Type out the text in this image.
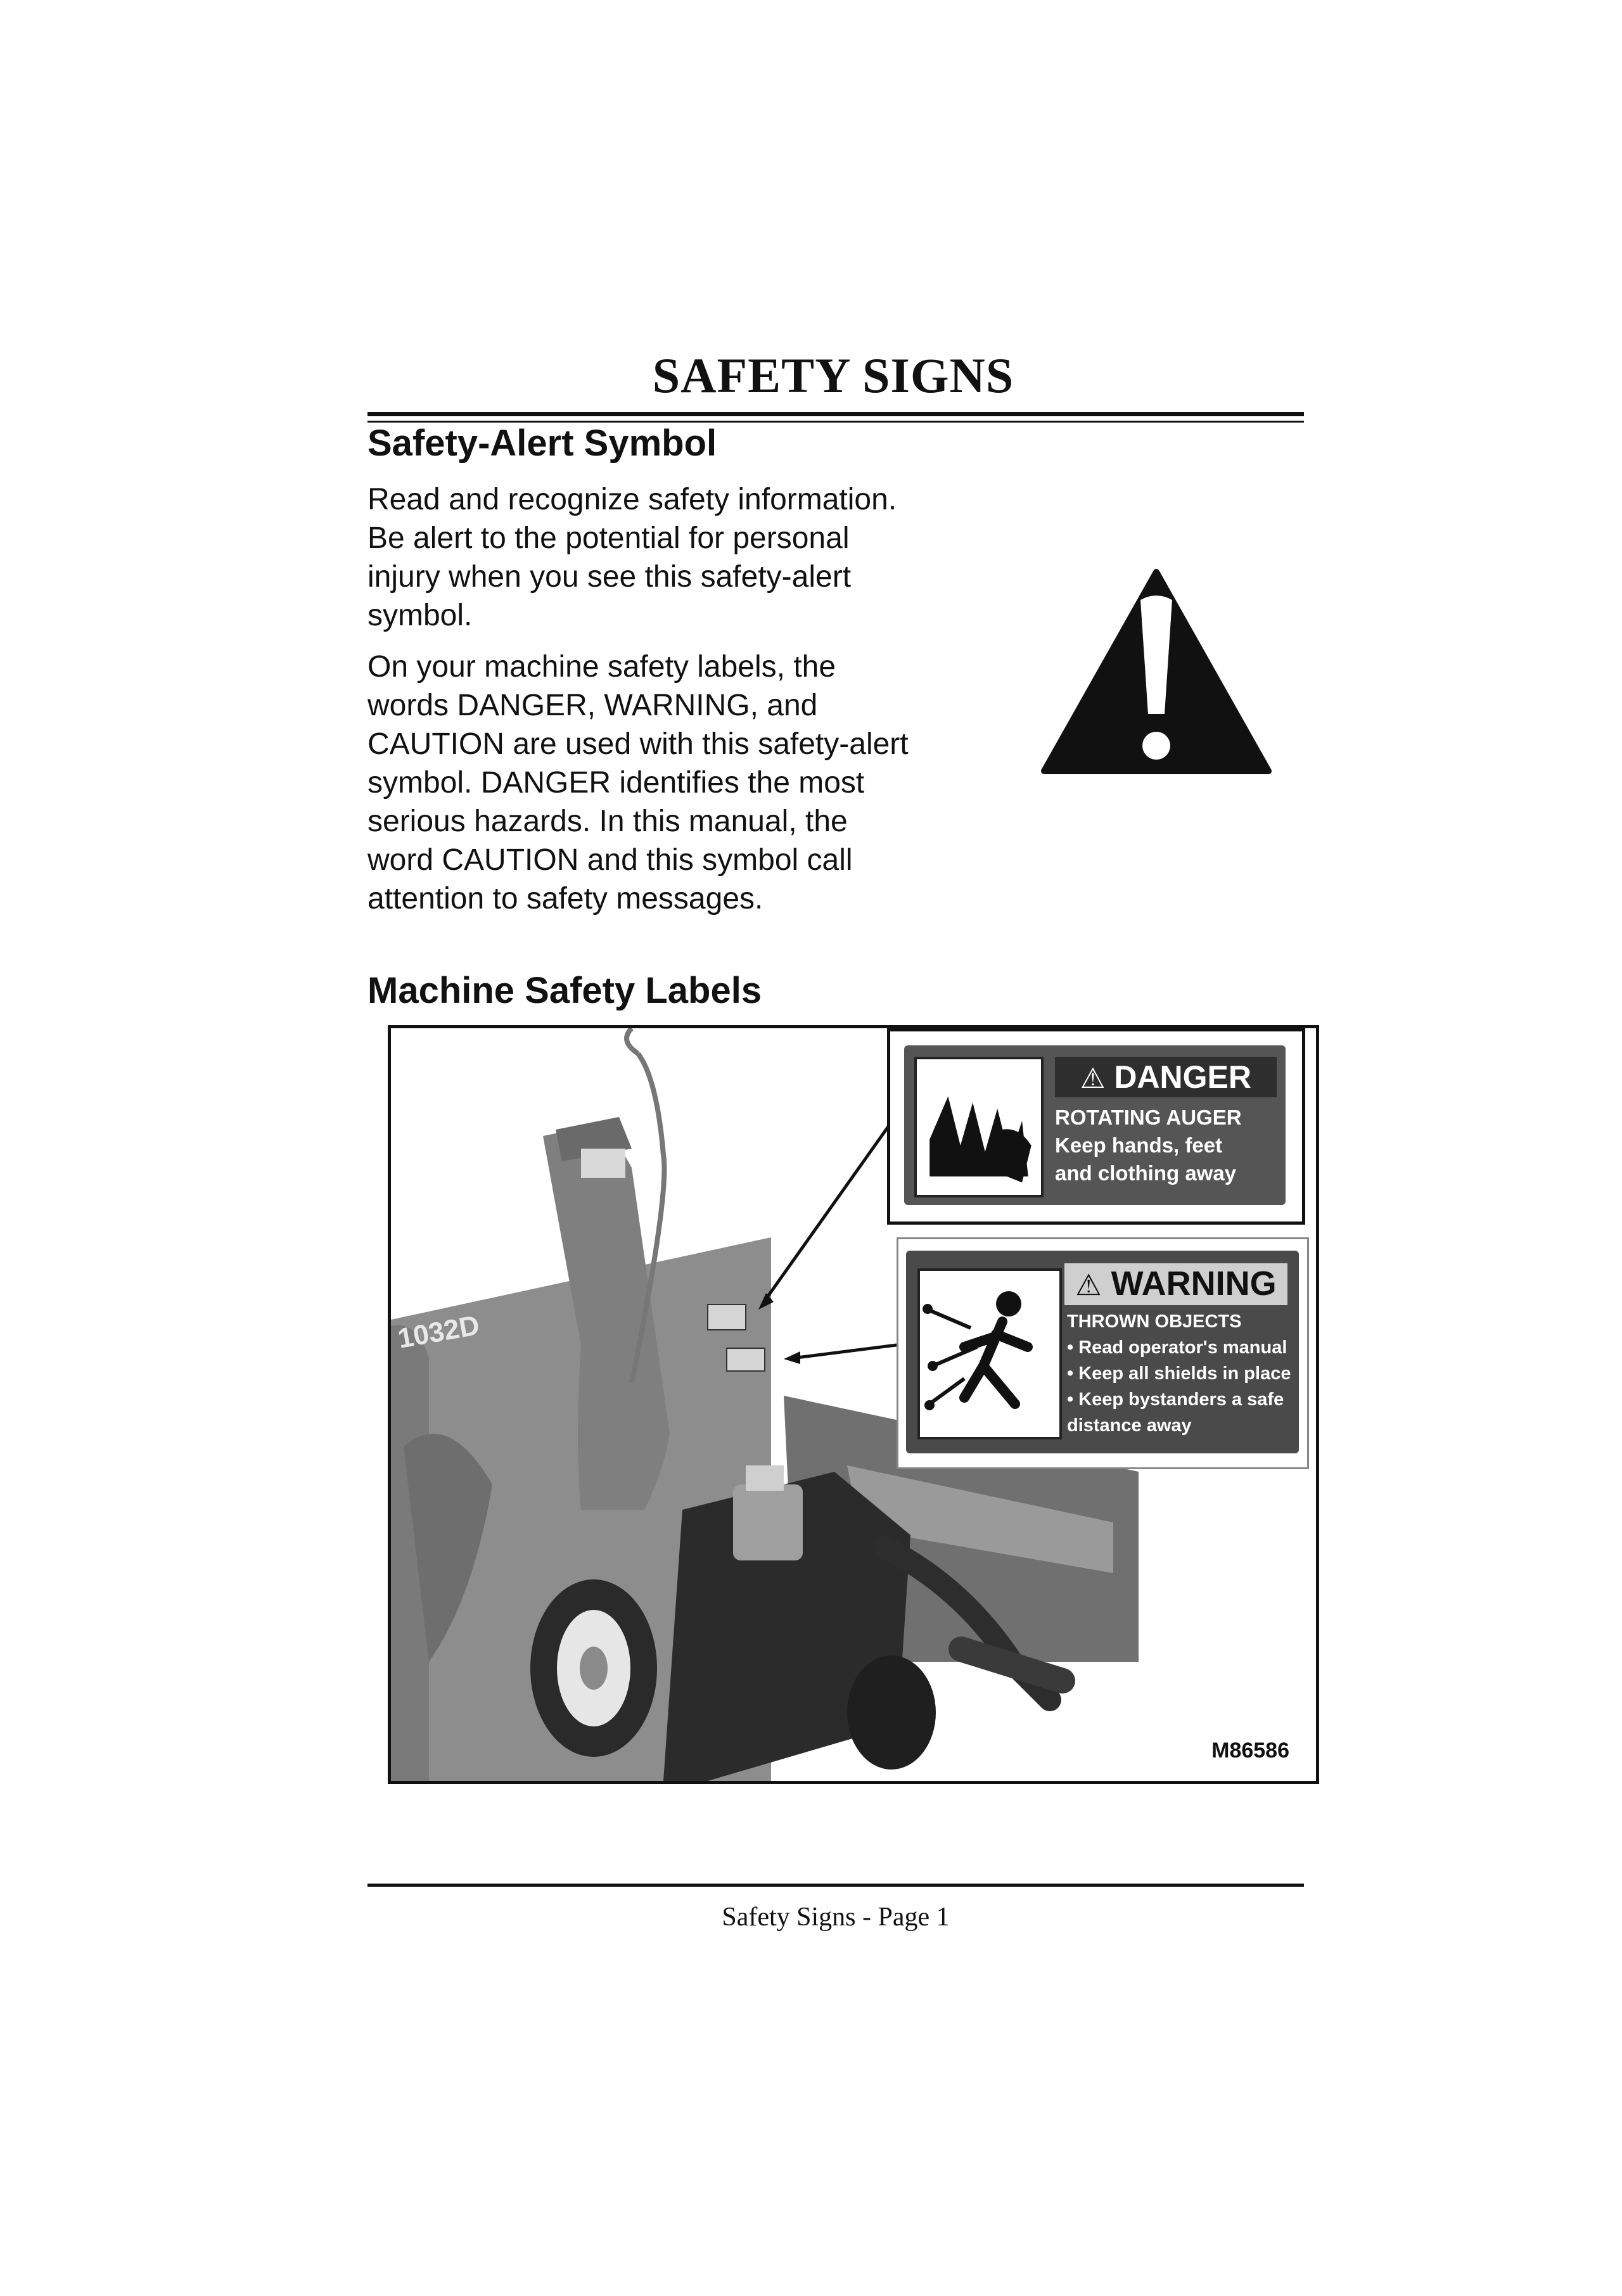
SAFETY SIGNS
Safety-Alert Symbol
Read and recognize safety information.
Be alert to the potential for personal
injury when you see this safety-alert
symbol.
On your machine safety labels, the
words DANGER, WARNING, and
CAUTION are used with this safety-alert
symbol. DANGER identifies the most
serious hazards. In this manual, the
word CAUTION and this symbol call
attention to safety messages.
Machine Safety Labels
1032D
⚠ DANGER
ROTATING AUGER
Keep hands, feet
and clothing away
⚠ WARNING
THROWN OBJECTS
• Read operator's manual
• Keep all shields in place
• Keep bystanders a safe
distance away
M86586
Safety Signs - Page 1
